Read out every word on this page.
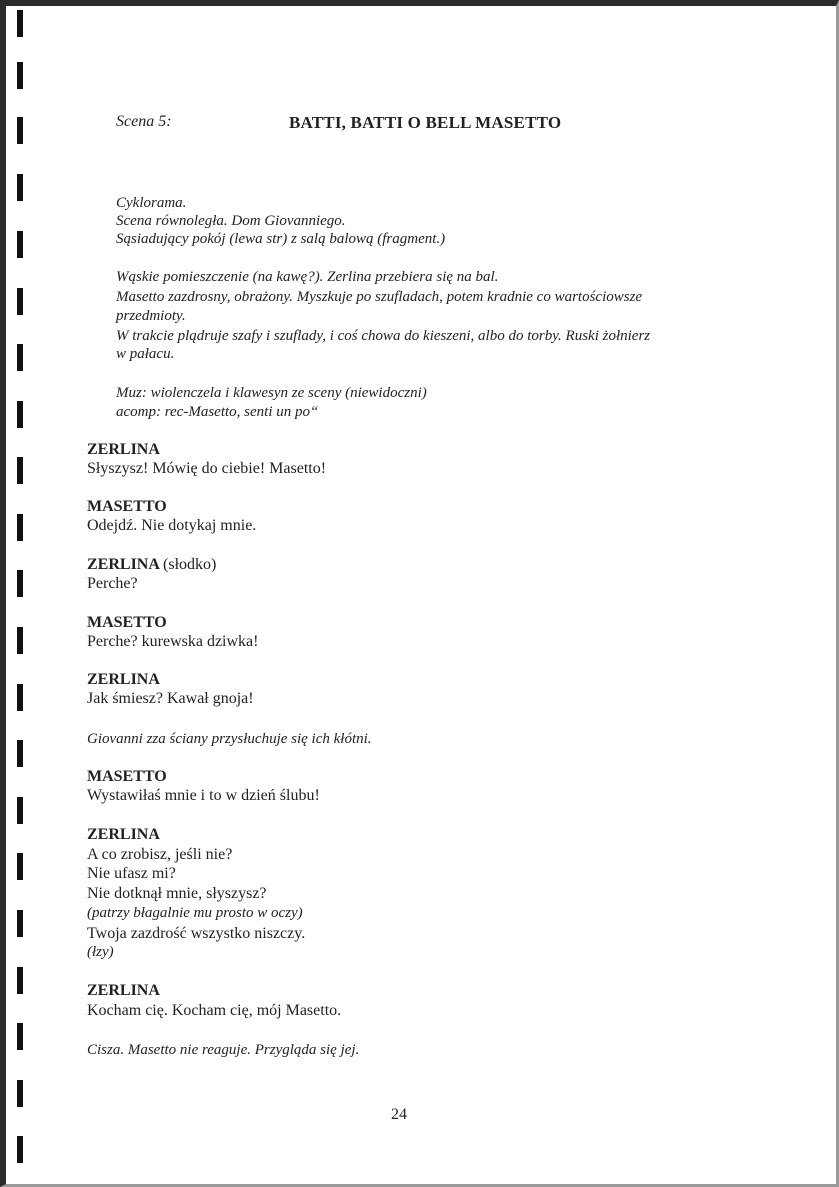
Scena 5:	BATTI, BATTI O BELL MASETTO
Cyklorama.
Scena równoległa. Dom Giovanniego.
Sąsiadujący pokój (lewa str) z salą balową (fragment.)
Wąskie pomieszczenie (na kawę?). Zerlina przebiera się na bal.
Masetto zazdrosny, obrażony. Myszkuje po szufladach, potem kradnie co wartościowsze
przedmioty.
W trakcie plądruje szafy i szuflady, i coś chowa do kieszeni, albo do torby. Ruski żołnierz
w pałacu.
Muz: wiolenczela i klawesyn ze sceny (niewidoczni)
acomp: rec-Masetto, senti un po“
ZERLINA
Słyszysz! Mówię do ciebie! Masetto!
MASETTO
Odejdź. Nie dotykaj mnie.
ZERLINA (słodko)
Perche?
MASETTO
Perche? kurewska dziwka!
ZERLINA
Jak śmiesz? Kawał gnoja!
Giovanni zza ściany przysłuchuje się ich kłótni.
MASETTO
Wystawiłaś mnie i to w dzień ślubu!
ZERLINA
A co zrobisz, jeśli nie?
Nie ufasz mi?
Nie dotknął mnie, słyszysz?
(patrzy błagalnie mu prosto w oczy)
Twoja zazdrość wszystko niszczy.
(łzy)
ZERLINA
Kocham cię. Kocham cię, mój Masetto.
Cisza. Masetto nie reaguje. Przygląda się jej.
24
